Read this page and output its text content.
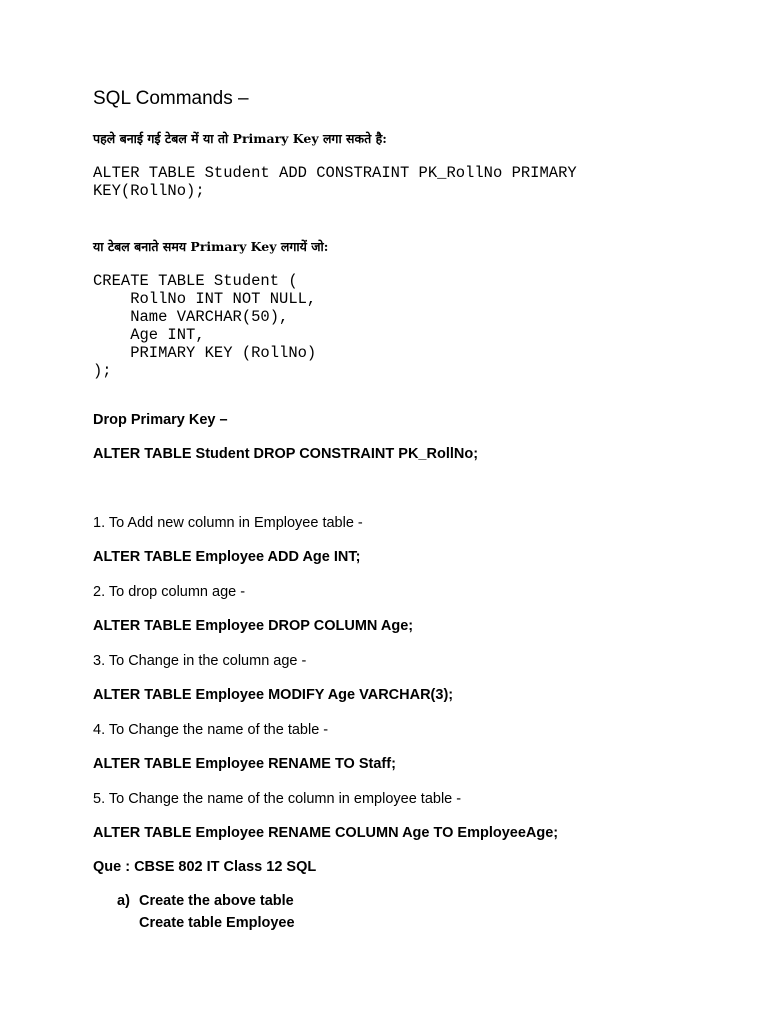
SQL Commands –
पहले बनाई गई टेबल में या तो Primary Key लगा सकते है:
ALTER TABLE Student ADD CONSTRAINT PK_RollNo PRIMARY
KEY(RollNo);
या टेबल बनाते समय Primary Key लगायें जो:
CREATE TABLE Student (
RollNo INT NOT NULL,
Name VARCHAR(50),
Age INT,
PRIMARY KEY (RollNo)
);
Drop Primary Key –
ALTER TABLE Student DROP CONSTRAINT PK_RollNo;
1. To Add new column in Employee table -
ALTER TABLE Employee ADD Age INT;
2. To drop column age -
ALTER TABLE Employee DROP COLUMN Age;
3. To Change in the column age -
ALTER TABLE Employee MODIFY Age VARCHAR(3);
4. To Change the name of the table -
ALTER TABLE Employee RENAME TO Staff;
5. To Change the name of the column in employee table -
ALTER TABLE Employee RENAME COLUMN Age TO EmployeeAge;
Que : CBSE 802 IT Class 12 SQL
a) Create the above table
Create table Employee
